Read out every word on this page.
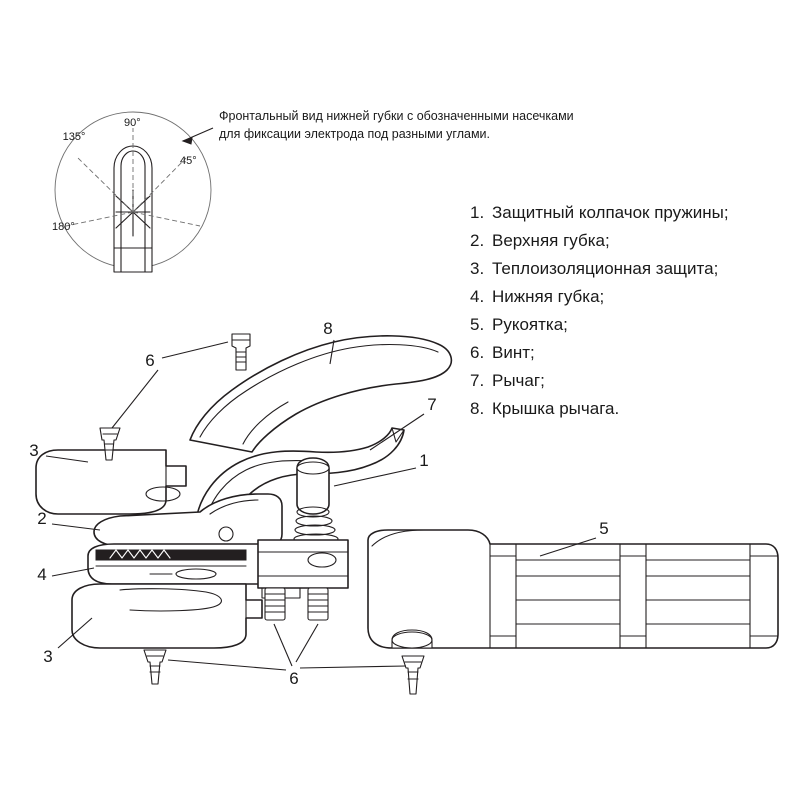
90°
135°
45°
180°
Фронтальный вид нижней губки с обозначенными насечками
для фиксации электрода под разными углами.
1. Защитный колпачок пружины;
2. Верхняя губка;
3. Теплоизоляционная защита;
4. Нижняя губка;
5. Рукоятка;
6. Винт;
7. Рычаг;
8. Крышка рычага.
8
6
7
3
1
2
5
4
3
6
